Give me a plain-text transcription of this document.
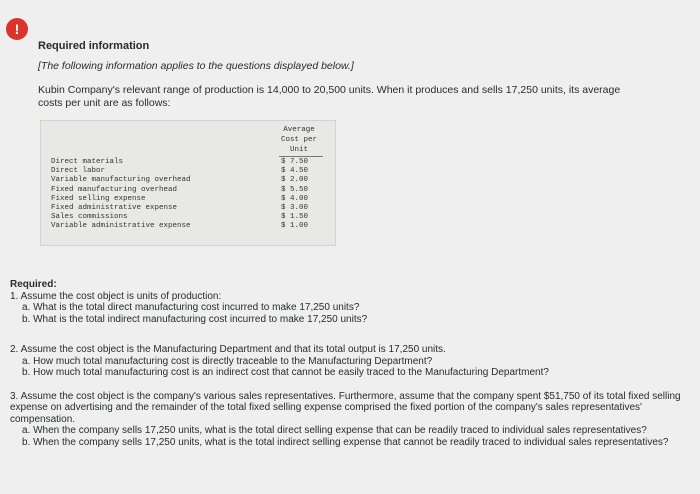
!
Required information
[The following information applies to the questions displayed below.]
Kubin Company's relevant range of production is 14,000 to 20,500 units. When it produces and sells 17,250 units, its average costs per unit are as follows:
Average
Cost per
Unit
Direct materials
Direct labor
Variable manufacturing overhead
Fixed manufacturing overhead
Fixed selling expense
Fixed administrative expense
Sales commissions
Variable administrative expense
$ 7.50
$ 4.50
$ 2.00
$ 5.50
$ 4.00
$ 3.00
$ 1.50
$ 1.00
Required:
1. Assume the cost object is units of production:
a. What is the total direct manufacturing cost incurred to make 17,250 units?
b. What is the total indirect manufacturing cost incurred to make 17,250 units?
2. Assume the cost object is the Manufacturing Department and that its total output is 17,250 units.
a. How much total manufacturing cost is directly traceable to the Manufacturing Department?
b. How much total manufacturing cost is an indirect cost that cannot be easily traced to the Manufacturing Department?
3. Assume the cost object is the company's various sales representatives. Furthermore, assume that the company spent $51,750 of its total fixed selling expense on advertising and the remainder of the total fixed selling expense comprised the fixed portion of the company's sales representatives' compensation.
a. When the company sells 17,250 units, what is the total direct selling expense that can be readily traced to individual sales representatives?
b. When the company sells 17,250 units, what is the total indirect selling expense that cannot be readily traced to individual sales representatives?
